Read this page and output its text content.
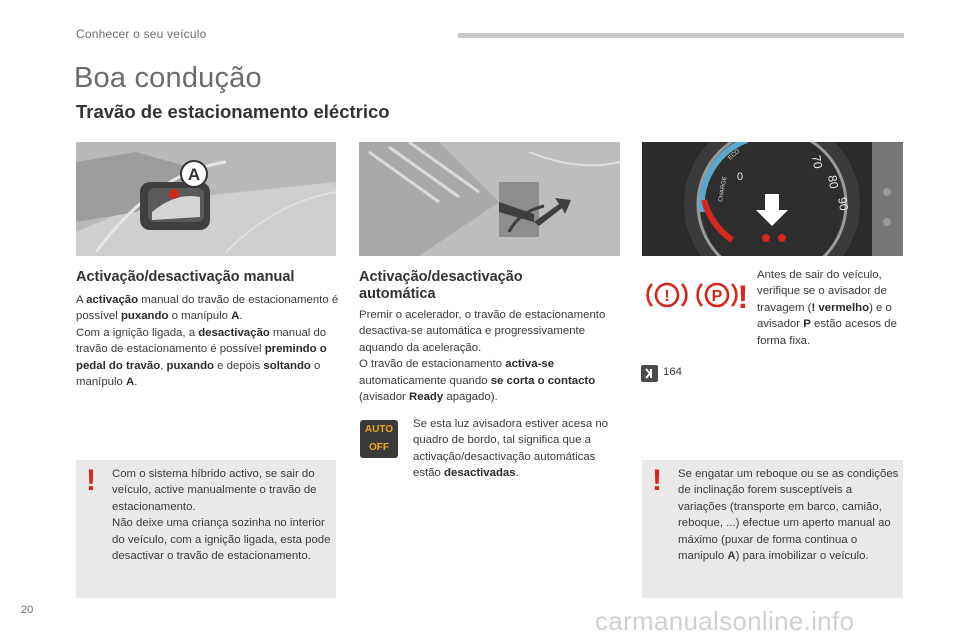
Conhecer o seu veículo
Boa condução
Travão de estacionamento eléctrico
A
CHARGE
ECO
0
70
80
90
Activação/desactivação manual
A activação manual do travão de estacionamento é possível puxando o manípulo A.
Com a ignição ligada, a desactivação manual do travão de estacionamento é possível premindo o pedal do travão, puxando e depois soltando o manípulo A.
Activação/desactivação
automática
Premir o acelerador, o travão de estacionamento desactiva-se automática e progressivamente aquando da aceleração.
O travão de estacionamento activa-se automaticamente quando se corta o contacto (avisador Ready apagado).
AUTO
OFF
Se esta luz avisadora estiver acesa no quadro de bordo, tal significa que a activação/desactivação automáticas estão desactivadas.
!	P !
Antes de sair do veículo, verifique se o avisador de travagem (! vermelho) e o avisador P estão acesos de forma fixa.
164
! Com o sistema híbrido activo, se sair do veículo, active manualmente o travão de estacionamento.
Não deixe uma criança sozinha no interior do veículo, com a ignição ligada, esta pode desactivar o travão de estacionamento.
! Se engatar um reboque ou se as condições de inclinação forem susceptíveis a variações (transporte em barco, camião, reboque, ...) efectue um aperto manual ao máximo (puxar de forma continua o manipulo A) para imobilizar o veículo.
20	carmanualsonline.info
